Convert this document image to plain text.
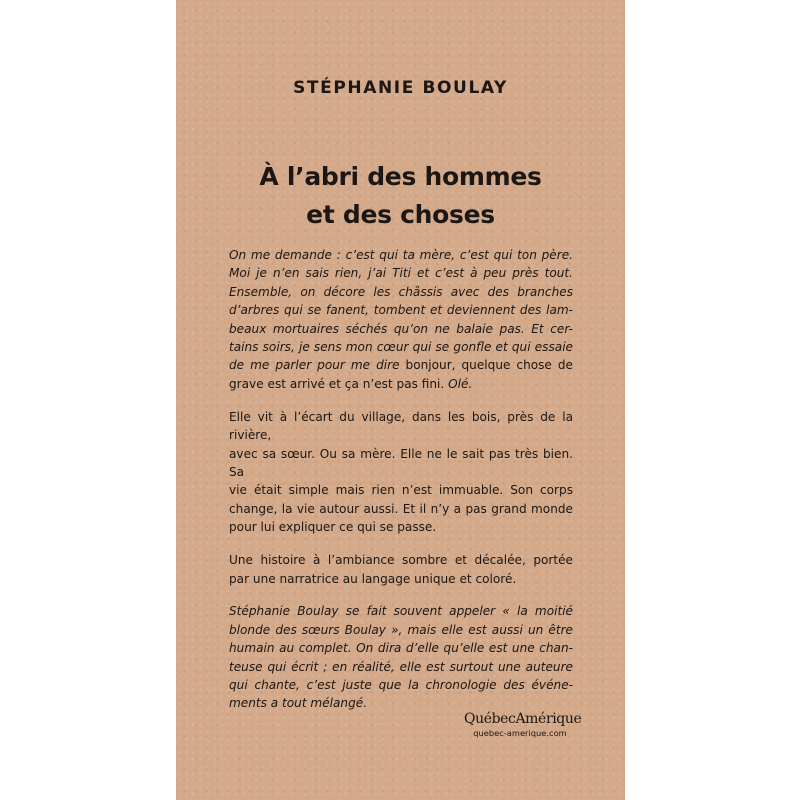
STÉPHANIE BOULAY
À l’abri des hommes
et des choses

On me demande : c’est qui ta mère, c’est qui ton père.
Moi je n’en sais rien, j’ai Titi et c’est à peu près tout.
Ensemble, on décore les châssis avec des branches
d’arbres qui se fanent, tombent et deviennent des lam-
beaux mortuaires séchés qu’on ne balaie pas. Et cer-
tains soirs, je sens mon cœur qui se gonfle et qui essaie
de me parler pour me dire bonjour, quelque chose de
grave est arrivé et ça n’est pas fini. Olé.

Elle vit à l’écart du village, dans les bois, près de la rivière,
avec sa sœur. Ou sa mère. Elle ne le sait pas très bien. Sa
vie était simple mais rien n’est immuable. Son corps
change, la vie autour aussi. Et il n’y a pas grand monde
pour lui expliquer ce qui se passe.

Une histoire à l’ambiance sombre et décalée, portée
par une narratrice au langage unique et coloré.

Stéphanie Boulay se fait souvent appeler « la moitié
blonde des sœurs Boulay », mais elle est aussi un être
humain au complet. On dira d’elle qu’elle est une chan-
teuse qui écrit ; en réalité, elle est surtout une auteure
qui chante, c’est juste que la chronologie des événe-
ments a tout mélangé.

QuébecAmérique
quebec-amerique.com
